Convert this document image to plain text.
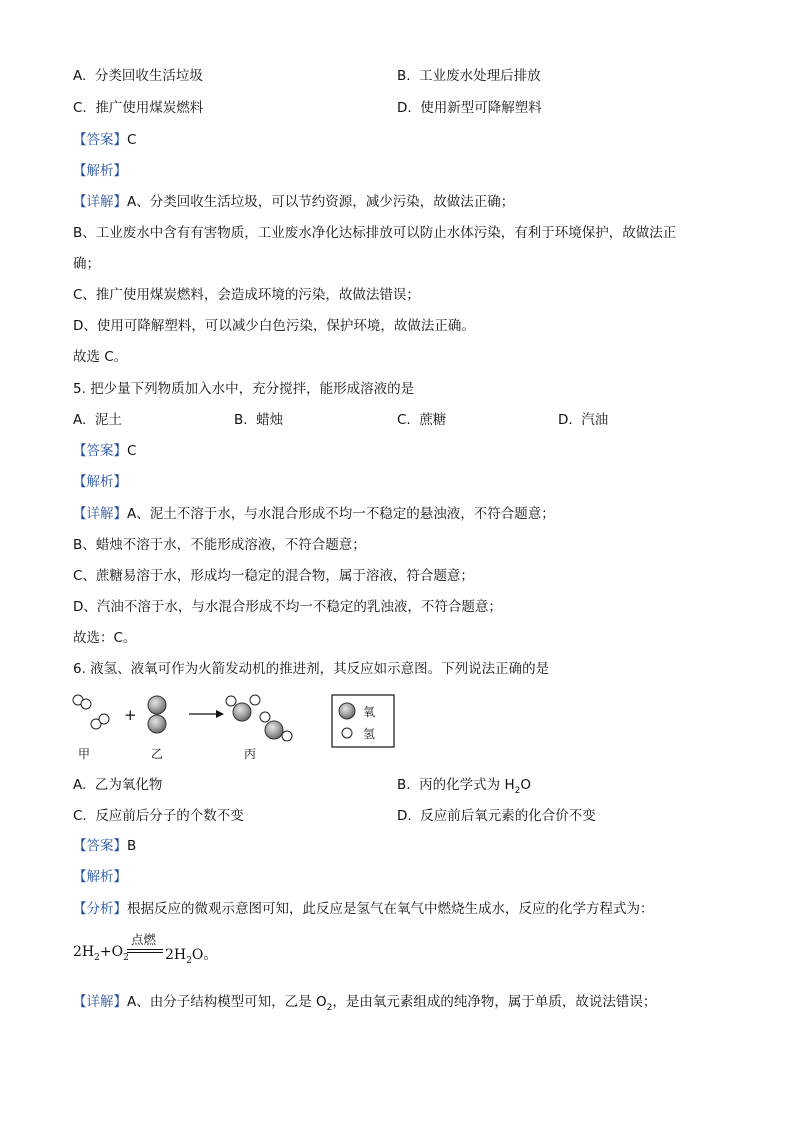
A. 分类回收生活垃圾	B. 工业废水处理后排放
C. 推广使用煤炭燃料	D. 使用新型可降解塑料
【答案】C
【解析】
【详解】A、分类回收生活垃圾，可以节约资源，减少污染，故做法正确；
B、工业废水中含有有害物质，工业废水净化达标排放可以防止水体污染，有利于环境保护，故做法正
确；
C、推广使用煤炭燃料，会造成环境的污染，故做法错误；
D、使用可降解塑料，可以减少白色污染，保护环境，故做法正确。
故选 C。
5. 把少量下列物质加入水中，充分搅拌，能形成溶液的是
A. 泥土	B. 蜡烛	C. 蔗糖	D. 汽油
【答案】C
【解析】
【详解】A、泥土不溶于水，与水混合形成不均一不稳定的悬浊液，不符合题意；
B、蜡烛不溶于水，不能形成溶液，不符合题意；
C、蔗糖易溶于水，形成均一稳定的混合物，属于溶液，符合题意；
D、汽油不溶于水，与水混合形成不均一不稳定的乳浊液，不符合题意；
故选：C。
6. 液氢、液氧可作为火箭发动机的推进剂，其反应如示意图。下列说法正确的是
+
甲	乙	丙
氧
氢
A. 乙为氧化物	B. 丙的化学式为 $H_2O$
C. 反应前后分子的个数不变	D. 反应前后氧元素的化合价不变
【答案】B
【解析】
【分析】根据反应的微观示意图可知，此反应是氢气在氧气中燃烧生成水，反应的化学方程式为：
$2H_2+O_2$
点燃
$2H_2O$。
【详解】A、由分子结构模型可知，乙是 $O_2$，是由氧元素组成的纯净物，属于单质，故说法错误；
